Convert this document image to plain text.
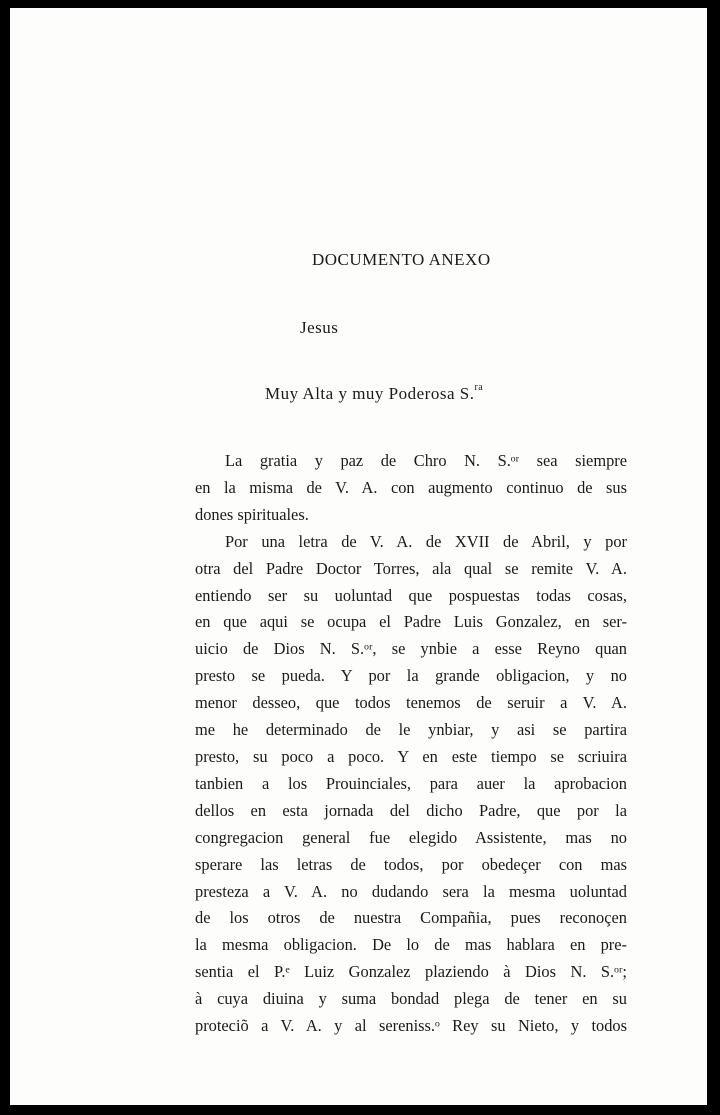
DOCUMENTO ANEXO
Jesus
Muy Alta y muy Poderosa S.$^{ra}$
La gratia y paz de Chro N. S.ᵒʳ sea siempre
en la misma de V. A. con augmento continuo de sus
dones spirituales.
Por una letra de V. A. de XVII de Abril, y por
otra del Padre Doctor Torres, ala qual se remite V. A.
entiendo ser su uoluntad que pospuestas todas cosas,
en que aqui se ocupa el Padre Luis Gonzalez, en ser-
uicio de Dios N. S.ᵒʳ, se ynbie a esse Reyno quan
presto se pueda. Y por la grande obligacion, y no
menor desseo, que todos tenemos de seruir a V. A.
me he determinado de le ynbiar, y asi se partira
presto, su poco a poco. Y en este tiempo se scriuira
tanbien a los Prouinciales, para auer la aprobacion
dellos en esta jornada del dicho Padre, que por la
congregacion general fue elegido Assistente, mas no
sperare las letras de todos, por obedeçer con mas
presteza a V. A. no dudando sera la mesma uoluntad
de los otros de nuestra Compañia, pues reconoçen
la mesma obligacion. De lo de mas hablara en pre-
sentia el P.ᵉ Luiz Gonzalez plaziendo à Dios N. S.ᵒʳ;
à cuya diuina y suma bondad plega de tener en su
proteciõ a V. A. y al sereniss.ᵒ Rey su Nieto, y todos
